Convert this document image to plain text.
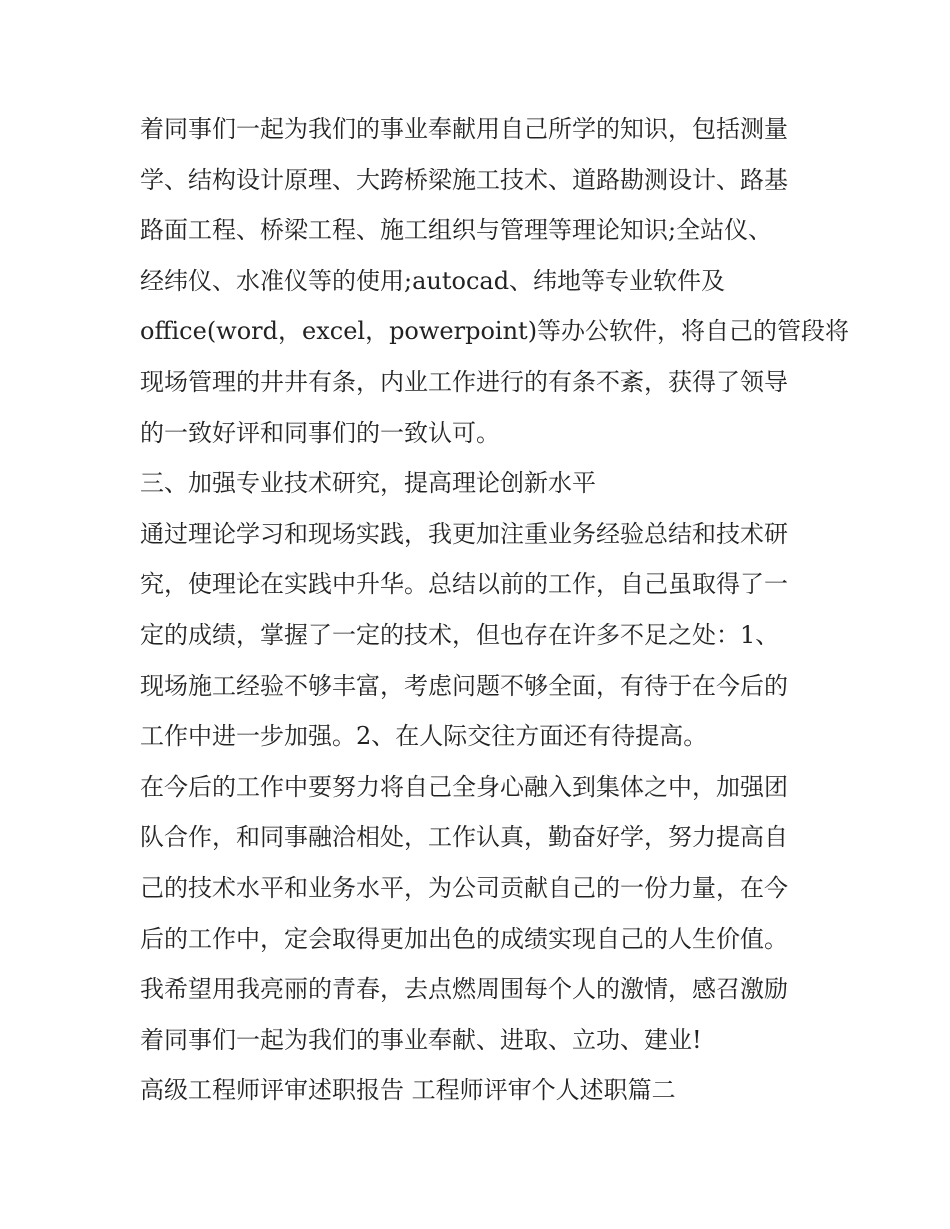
着同事们一起为我们的事业奉献用自己所学的知识，包括测量
学、结构设计原理、大跨桥梁施工技术、道路勘测设计、路基
路面工程、桥梁工程、施工组织与管理等理论知识;全站仪、
经纬仪、水准仪等的使用;autocad、纬地等专业软件及
office(word，excel，powerpoint)等办公软件，将自己的管段将
现场管理的井井有条，内业工作进行的有条不紊，获得了领导
的一致好评和同事们的一致认可。
三、加强专业技术研究，提高理论创新水平
通过理论学习和现场实践，我更加注重业务经验总结和技术研
究，使理论在实践中升华。总结以前的工作，自己虽取得了一
定的成绩，掌握了一定的技术，但也存在许多不足之处：1、
现场施工经验不够丰富，考虑问题不够全面，有待于在今后的
工作中进一步加强。2、在人际交往方面还有待提高。
在今后的工作中要努力将自己全身心融入到集体之中，加强团
队合作，和同事融洽相处，工作认真，勤奋好学，努力提高自
己的技术水平和业务水平，为公司贡献自己的一份力量，在今
后的工作中，定会取得更加出色的成绩实现自己的人生价值。
我希望用我亮丽的青春，去点燃周围每个人的激情，感召激励
着同事们一起为我们的事业奉献、进取、立功、建业!
高级工程师评审述职报告 工程师评审个人述职篇二
